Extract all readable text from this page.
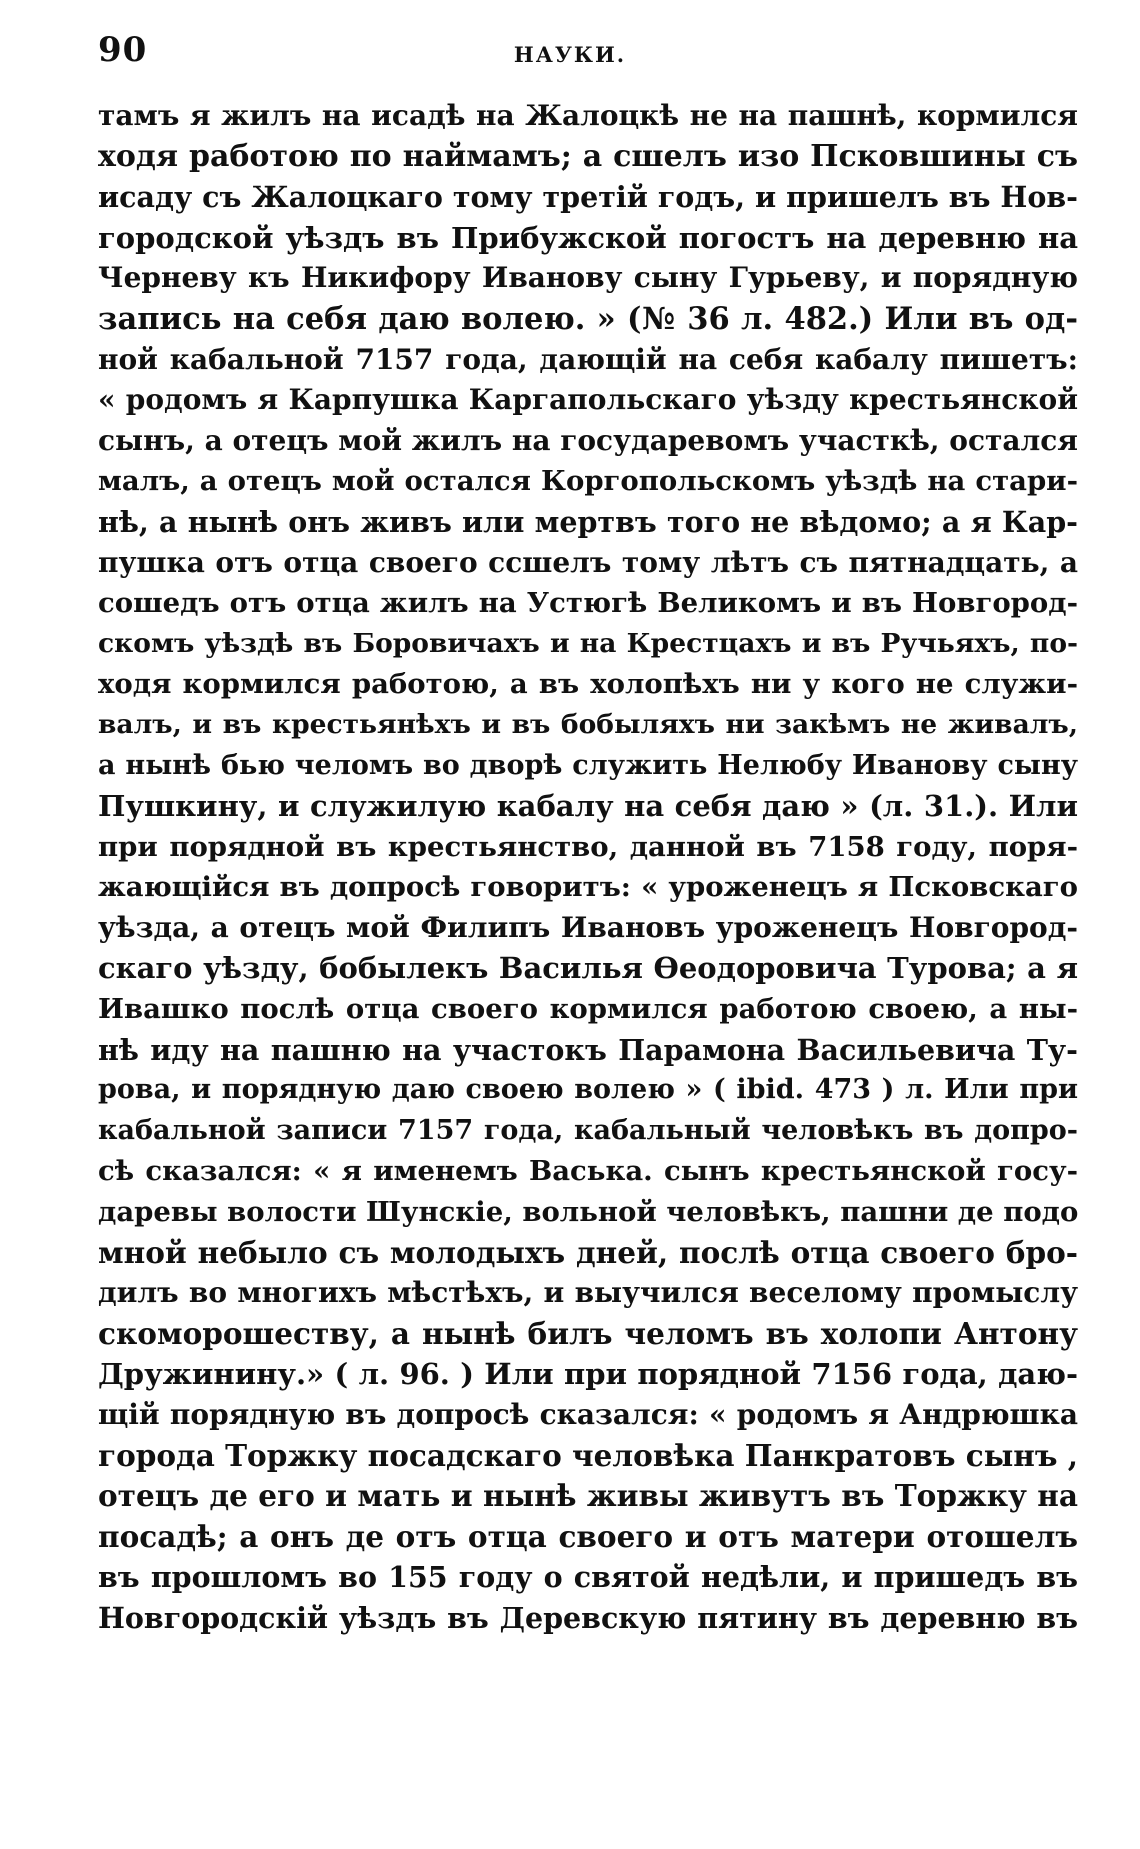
90	НАУКИ.
тамъ я жилъ на исадѣ на Жалоцкѣ не на пашнѣ, кормился
ходя работою по наймамъ; а сшелъ изо Псковшины съ
исаду съ Жалоцкаго тому третій годъ, и пришелъ въ Нов-
городской уѣздъ въ Прибужской погостъ на деревню на
Черневу къ Никифору Иванову сыну Гурьеву, и порядную
запись на себя даю волею. » (№ 36 л. 482.) Или въ од-
ной кабальной 7157 года, дающій на себя кабалу пишетъ:
« родомъ я Карпушка Каргапольскаго уѣзду крестьянской
сынъ, а отецъ мой жилъ на государевомъ участкѣ, остался
малъ, а отецъ мой остался Коргопольскомъ уѣздѣ на стари-
нѣ, а нынѣ онъ живъ или мертвъ того не вѣдомо; а я Кар-
пушка отъ отца своего ссшелъ тому лѣтъ съ пятнадцать, а
сошедъ отъ отца жилъ на Устюгѣ Великомъ и въ Новгород-
скомъ уѣздѣ въ Боровичахъ и на Крестцахъ и въ Ручьяхъ, по-
ходя кормился работою, а въ холопѣхъ ни у кого не служи-
валъ, и въ крестьянѣхъ и въ бобыляхъ ни закѣмъ не живалъ,
а нынѣ бью челомъ во дворѣ служить Нелюбу Иванову сыну
Пушкину, и служилую кабалу на себя даю » (л. 31.). Или
при порядной въ крестьянство, данной въ 7158 году, поря-
жающійся въ допросѣ говоритъ: « уроженецъ я Псковскаго
уѣзда, а отецъ мой Филипъ Ивановъ уроженецъ Новгород-
скаго уѣзду, бобылекъ Василья Ѳеодоровича Турова; а я
Ивашко послѣ отца своего кормился работою своею, а ны-
нѣ иду на пашню на участокъ Парамона Васильевича Ту-
рова, и порядную даю своею волею » ( ibid. 473 ) л. Или при
кабальной записи 7157 года, кабальный человѣкъ въ допро-
сѣ сказался: « я именемъ Васька. сынъ крестьянской госу-
даревы волости Шунскіе, вольной человѣкъ, пашни де подо
мной небыло съ молодыхъ дней, послѣ отца своего бро-
дилъ во многихъ мѣстѣхъ, и выучился веселому промыслу
скоморошеству, а нынѣ билъ челомъ въ холопи Антону
Дружинину.» ( л. 96. ) Или при порядной 7156 года, даю-
щій порядную въ допросѣ сказался: « родомъ я Андрюшка
города Торжку посадскаго человѣка Панкратовъ сынъ ,
отецъ де его и мать и нынѣ живы живутъ въ Торжку на
посадѣ; а онъ де отъ отца своего и отъ матери отошелъ
въ прошломъ во 155 году о святой недѣли, и пришедъ въ
Новгородскій уѣздъ въ Деревскую пятину въ деревню въ
